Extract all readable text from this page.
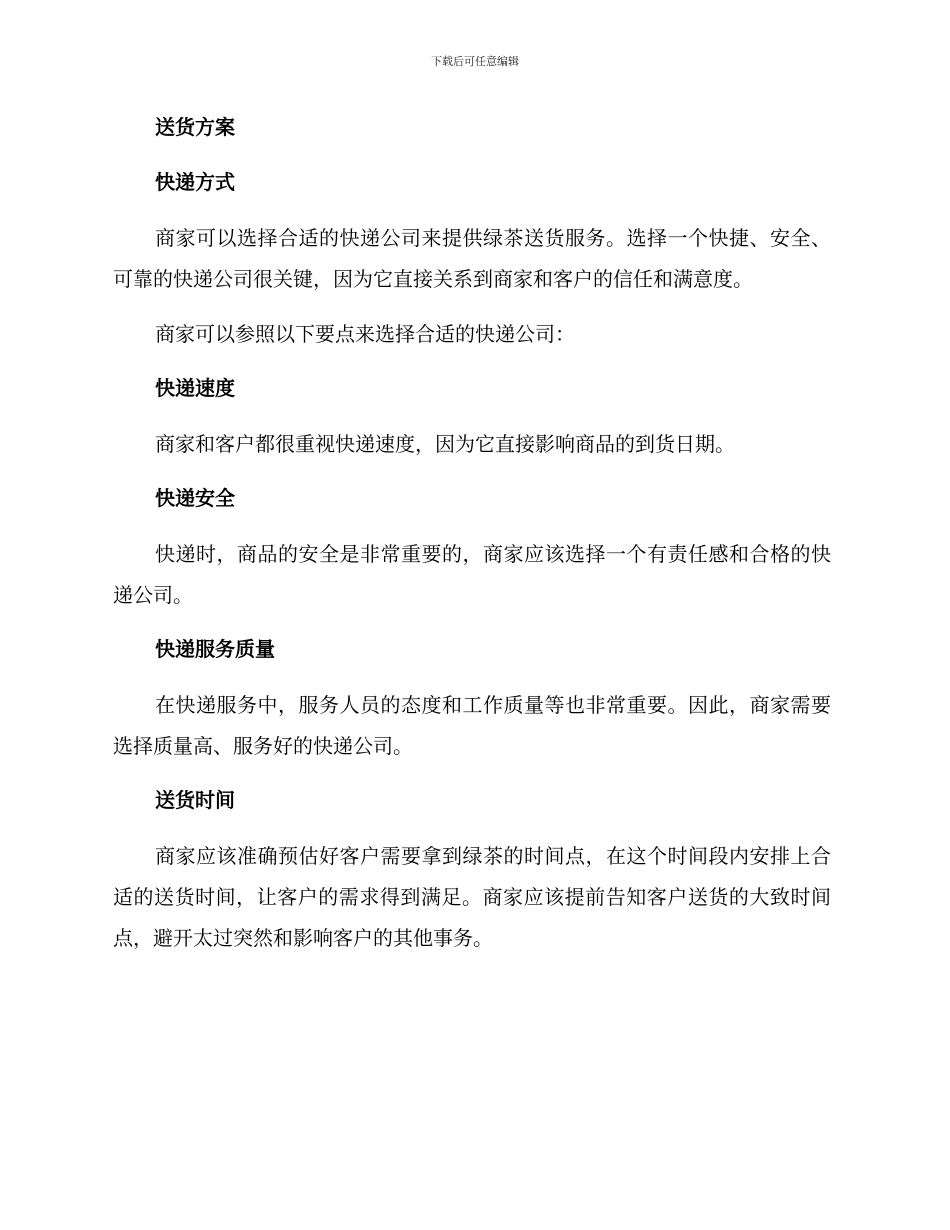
下载后可任意编辑
送货方案
快递方式
商家可以选择合适的快递公司来提供绿茶送货服务。选择一个快捷、安全、可靠的快递公司很关键，因为它直接关系到商家和客户的信任和满意度。
商家可以参照以下要点来选择合适的快递公司：
快递速度
商家和客户都很重视快递速度，因为它直接影响商品的到货日期。
快递安全
快递时，商品的安全是非常重要的，商家应该选择一个有责任感和合格的快递公司。
快递服务质量
在快递服务中，服务人员的态度和工作质量等也非常重要。因此，商家需要选择质量高、服务好的快递公司。
送货时间
商家应该准确预估好客户需要拿到绿茶的时间点，在这个时间段内安排上合适的送货时间，让客户的需求得到满足。商家应该提前告知客户送货的大致时间点，避开太过突然和影响客户的其他事务。
